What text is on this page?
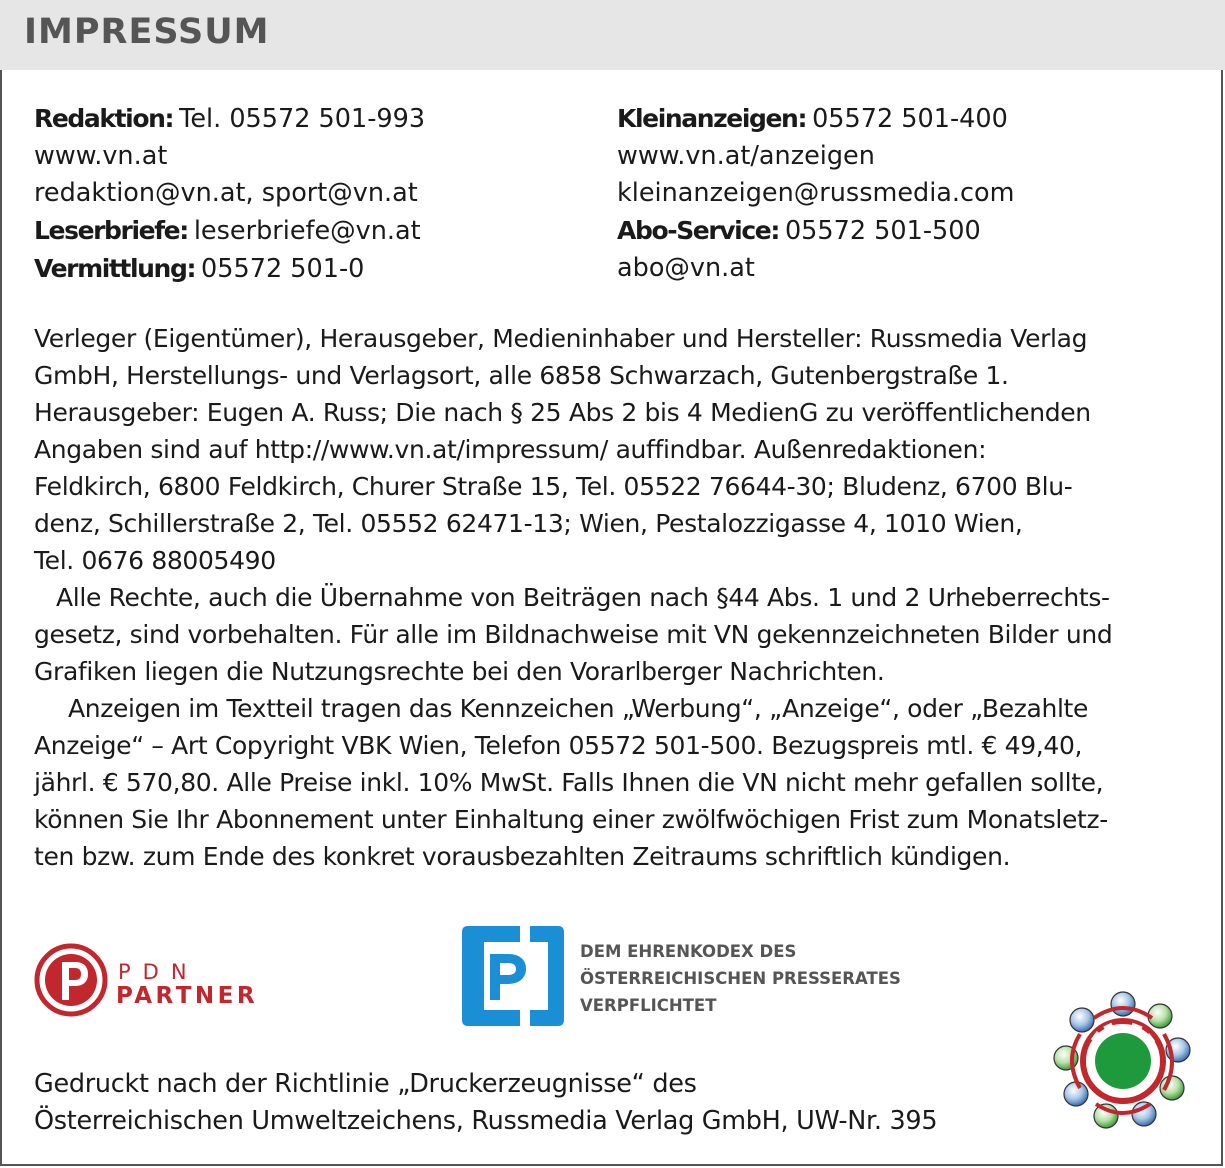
IMPRESSUM
Redaktion: Tel. 05572 501-993
www.vn.at
redaktion@vn.at, sport@vn.at
Leserbriefe: leserbriefe@vn.at
Vermittlung: 05572 501-0
Kleinanzeigen: 05572 501-400
www.vn.at/anzeigen
kleinanzeigen@russmedia.com
Abo-Service: 05572 501-500
abo@vn.at
Verleger (Eigentümer), Herausgeber, Medieninhaber und Hersteller: Russmedia Verlag
GmbH, Herstellungs- und Verlagsort, alle 6858 Schwarzach, Gutenbergstraße 1.
Herausgeber: Eugen A. Russ; Die nach § 25 Abs 2 bis 4 MedienG zu veröffentlichenden
Angaben sind auf http://www.vn.at/impressum/ auffindbar. Außenredaktionen:
Feldkirch, 6800 Feldkirch, Churer Straße 15, Tel. 05522 76644-30; Bludenz, 6700 Blu-
denz, Schillerstraße 2, Tel. 05552 62471-13; Wien, Pestalozzigasse 4, 1010 Wien,
Tel. 0676 88005490
Alle Rechte, auch die Übernahme von Beiträgen nach §44 Abs. 1 und 2 Urheberrechts-
gesetz, sind vorbehalten. Für alle im Bildnachweise mit VN gekennzeichneten Bilder und
Grafiken liegen die Nutzungsrechte bei den Vorarlberger Nachrichten.
Anzeigen im Textteil tragen das Kennzeichen „Werbung“, „Anzeige“, oder „Bezahlte
Anzeige“ – Art Copyright VBK Wien, Telefon 05572 501-500. Bezugspreis mtl. € 49,40,
jährl. € 570,80. Alle Preise inkl. 10% MwSt. Falls Ihnen die VN nicht mehr gefallen sollte,
können Sie Ihr Abonnement unter Einhaltung einer zwölfwöchigen Frist zum Monatsletz-
ten bzw. zum Ende des konkret vorausbezahlten Zeitraums schriftlich kündigen.
PDN
PARTNER
DEM EHRENKODEX DES
ÖSTERREICHISCHEN PRESSERATES
VERPFLICHTET
Gedruckt nach der Richtlinie „Druckerzeugnisse“ des
Österreichischen Umweltzeichens, Russmedia Verlag GmbH, UW-Nr. 395
